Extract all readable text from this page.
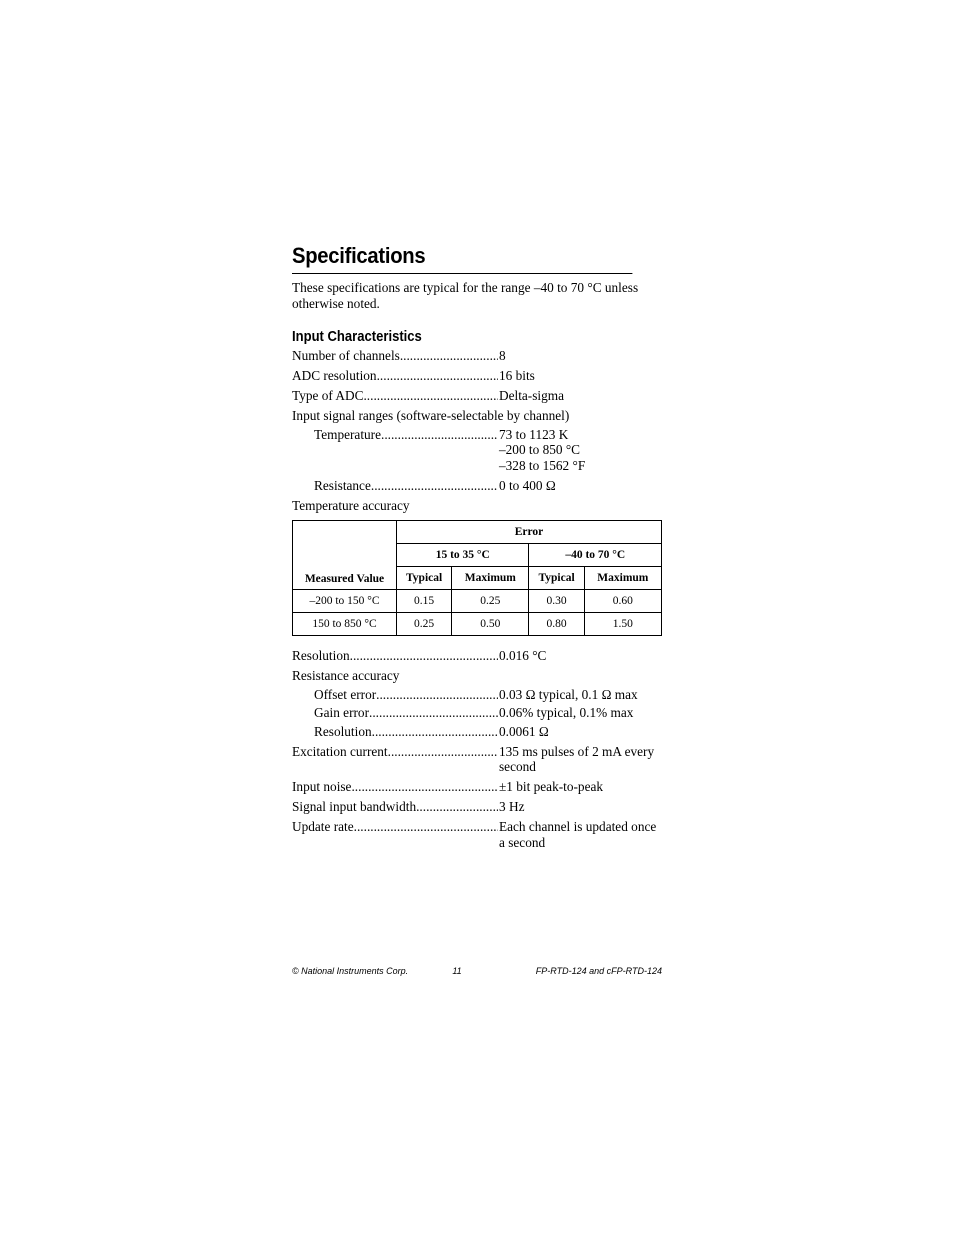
Specifications

These specifications are typical for the range –40 to 70 °C unless otherwise noted.

Input Characteristics
Number of channels .....	8
ADC resolution .....	16 bits
Type of ADC .....	Delta-sigma
Input signal ranges (software-selectable by channel)
Temperature .....	73 to 1123 K
–200 to 850 °C
–328 to 1562 °F
Resistance .....	0 to 400 Ω
Temperature accuracy
Measured Value	Error			
	15 to 35 °C		–40 to 70 °C	
	Typical	Maximum	Typical	Maximum
–200 to 150 °C	0.15	0.25	0.30	0.60
150 to 850 °C	0.25	0.50	0.80	1.50
Resolution .....	0.016 °C
Resistance accuracy
Offset error .....	0.03 Ω typical, 0.1 Ω max
Gain error .....	0.06% typical, 0.1% max
Resolution .....	0.0061 Ω
Excitation current .....	135 ms pulses of 2 mA every second
Input noise .....	±1 bit peak-to-peak
Signal input bandwidth .....	3 Hz
Update rate .....	Each channel is updated once a second
© National Instruments Corp.	11	FP-RTD-124 and cFP-RTD-124
